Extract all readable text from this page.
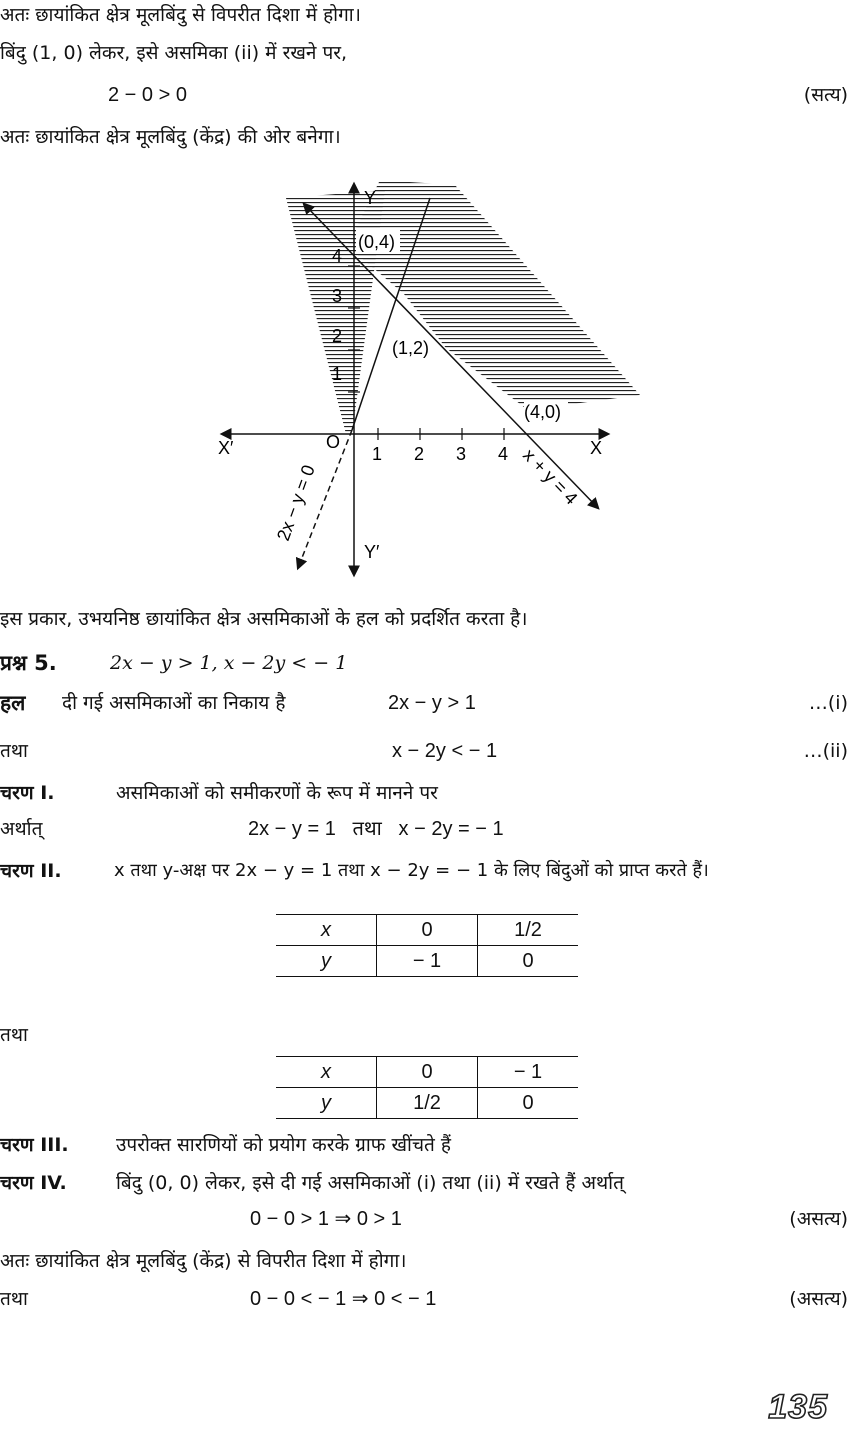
अतः छायांकित क्षेत्र मूलबिंदु से विपरीत दिशा में होगा।
बिंदु (1, 0) लेकर, इसे असमिका (ii) में रखने पर,
2 − 0 > 0	(सत्य)
अतः छायांकित क्षेत्र मूलबिंदु (केंद्र) की ओर बनेगा।
Y
Y′
X
X′	O
1 2 3 4
1
2
3
4
(0,4)
(1,2)
(4,0)
2x − y = 0	x + y = 4
इस प्रकार, उभयनिष्ठ छायांकित क्षेत्र असमिकाओं के हल को प्रदर्शित करता है।
प्रश्न 5.	2x − y > 1, x − 2y < − 1
हल दी गई असमिकाओं का निकाय है	2x − y > 1	…(i)
तथा	x − 2y < − 1	…(ii)
चरण I.	असमिकाओं को समीकरणों के रूप में मानने पर
अर्थात्	2x − y = 1   तथा   x − 2y = − 1
चरण II.	x तथा y-अक्ष पर 2x − y = 1 तथा x − 2y = − 1 के लिए बिंदुओं को प्राप्त करते हैं।
x	0	1/2
y	− 1	0
तथा
x	0	− 1
y	1/2	0
चरण III. उपरोक्त सारणियों को प्रयोग करके ग्राफ खींचते हैं
चरण IV.	बिंदु (0, 0) लेकर, इसे दी गई असमिकाओं (i) तथा (ii) में रखते हैं अर्थात्
0 − 0 > 1 ⇒ 0 > 1	(असत्य)
अतः छायांकित क्षेत्र मूलबिंदु (केंद्र) से विपरीत दिशा में होगा।
तथा	0 − 0 < − 1 ⇒ 0 < − 1	(असत्य)
135
